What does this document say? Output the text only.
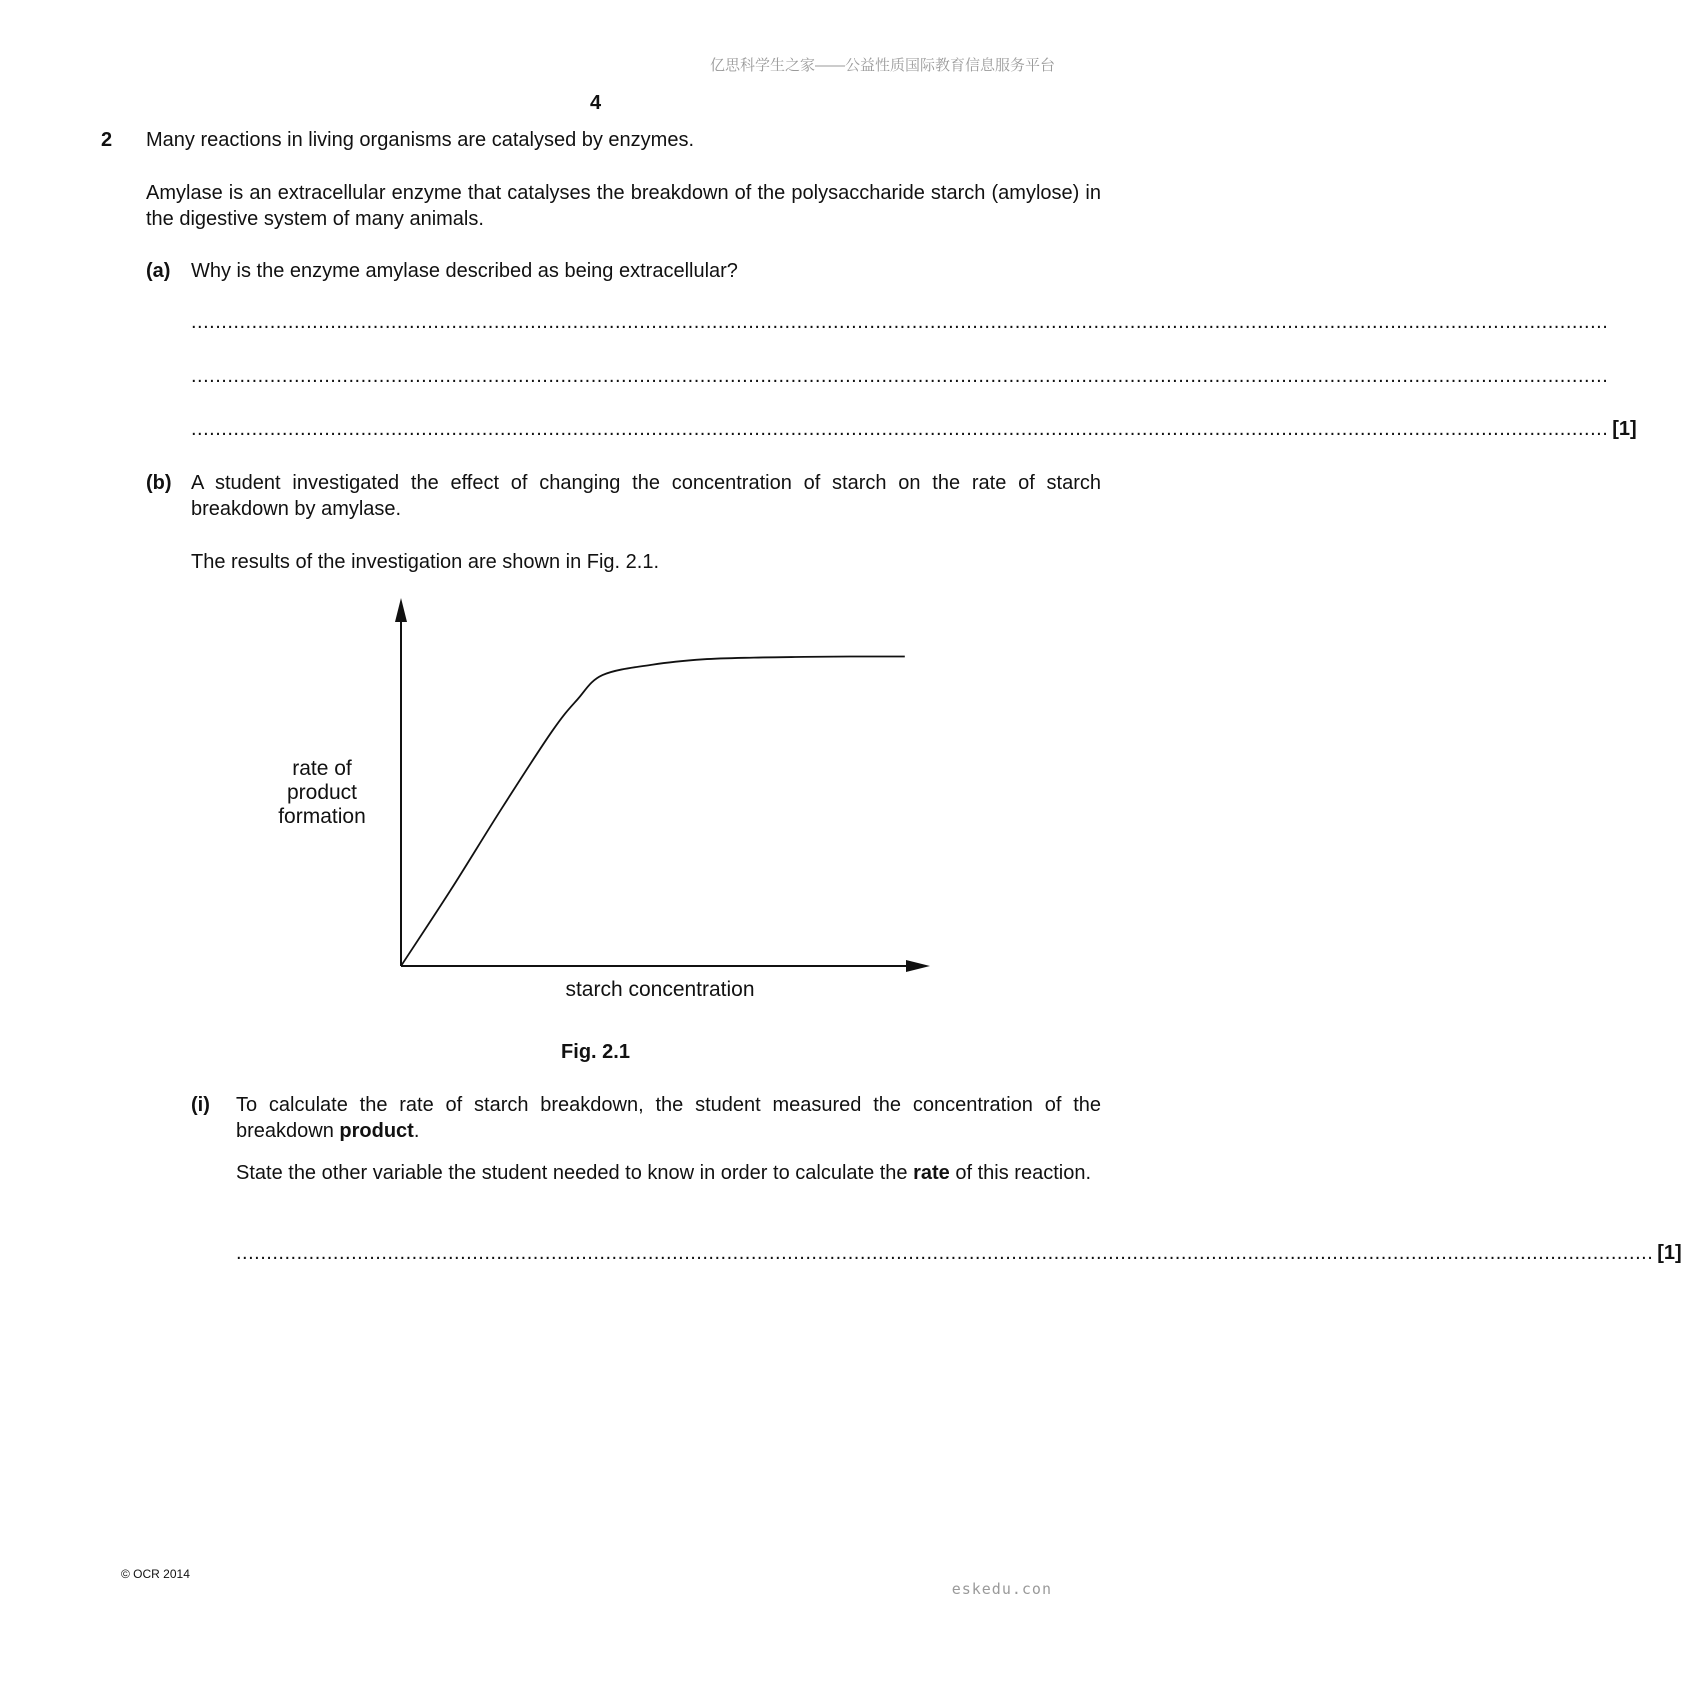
亿思科学生之家——公益性质国际教育信息服务平台
4
2 Many reactions in living organisms are catalysed by enzymes.
Amylase is an extracellular enzyme that catalyses the breakdown of the polysaccharide starch (amylose) in the digestive system of many animals.
(a) Why is the enzyme amylase described as being extracellular?
..........................................................................................................................................................................................................................................
..........................................................................................................................................................................................................................................
.......................................................................................................................................................................................................................................... [1]
(b) A student investigated the effect of changing the concentration of starch on the rate of starch breakdown by amylase.
The results of the investigation are shown in Fig. 2.1.
rate of
product
formation
starch concentration
Fig. 2.1
(i) To calculate the rate of starch breakdown, the student measured the concentration of the breakdown product.
State the other variable the student needed to know in order to calculate the rate of this reaction.
.......................................................................................................................................................................................................................................... [1]
© OCR 2014
eskedu.con
